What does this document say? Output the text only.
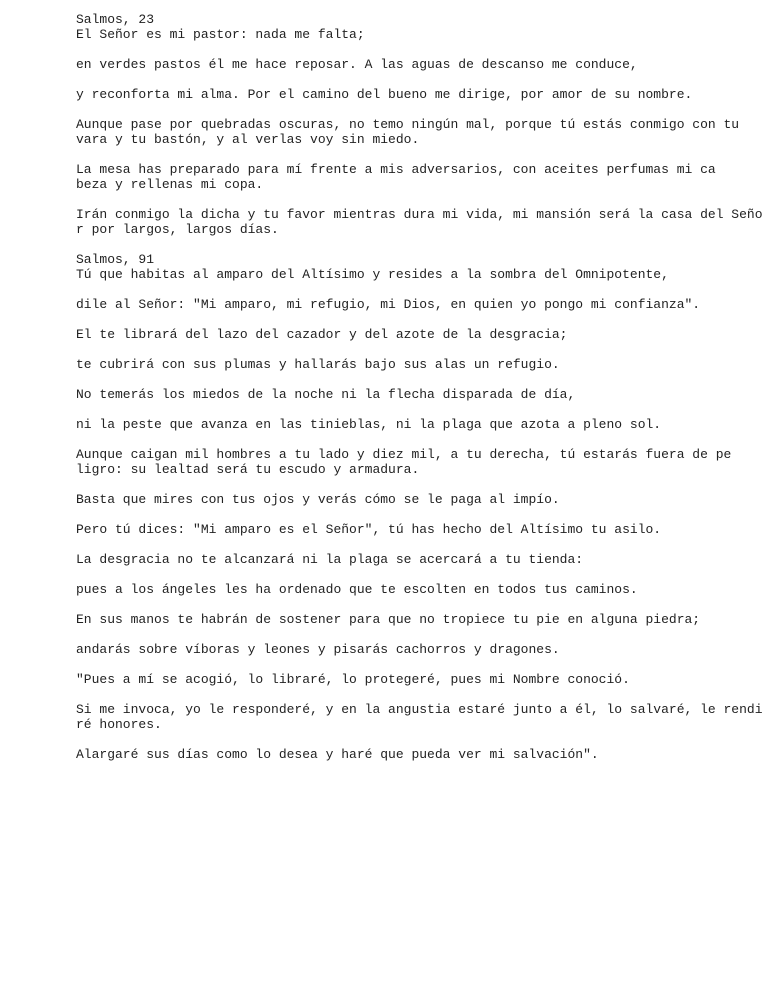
Salmos, 23
El Señor es mi pastor: nada me falta;
en verdes pastos él me hace reposar. A las aguas de descanso me conduce,
y reconforta mi alma. Por el camino del bueno me dirige, por amor de su nombre.
Aunque pase por quebradas oscuras, no temo ningún mal, porque tú estás conmigo con tu
vara y tu bastón, y al verlas voy sin miedo.
La mesa has preparado para mí frente a mis adversarios, con aceites perfumas mi ca
beza y rellenas mi copa.
Irán conmigo la dicha y tu favor mientras dura mi vida, mi mansión será la casa del Seño
r por largos, largos días.
Salmos, 91
Tú que habitas al amparo del Altísimo y resides a la sombra del Omnipotente,
dile al Señor: "Mi amparo, mi refugio, mi Dios, en quien yo pongo mi confianza".
El te librará del lazo del cazador y del azote de la desgracia;
te cubrirá con sus plumas y hallarás bajo sus alas un refugio.
No temerás los miedos de la noche ni la flecha disparada de día,
ni la peste que avanza en las tinieblas, ni la plaga que azota a pleno sol.
Aunque caigan mil hombres a tu lado y diez mil, a tu derecha, tú estarás fuera de pe
ligro: su lealtad será tu escudo y armadura.
Basta que mires con tus ojos y verás cómo se le paga al impío.
Pero tú dices: "Mi amparo es el Señor", tú has hecho del Altísimo tu asilo.
La desgracia no te alcanzará ni la plaga se acercará a tu tienda:
pues a los ángeles les ha ordenado que te escolten en todos tus caminos.
En sus manos te habrán de sostener para que no tropiece tu pie en alguna piedra;
andarás sobre víboras y leones y pisarás cachorros y dragones.
"Pues a mí se acogió, lo libraré, lo protegeré, pues mi Nombre conoció.
Si me invoca, yo le responderé, y en la angustia estaré junto a él, lo salvaré, le rendi
ré honores.
Alargaré sus días como lo desea y haré que pueda ver mi salvación".
